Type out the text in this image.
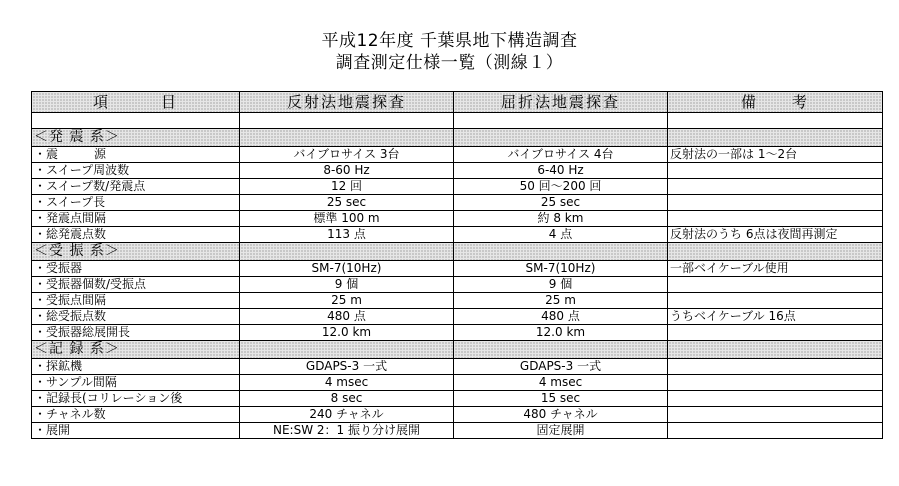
平成12年度 千葉県地下構造調査
調査測定仕様一覧（測線１）
項　　　目	反射法地震探査	屈折法地震探査	備　　考

＜発 震 系＞			
・震　　　源	バイブロサイス 3台	バイブロサイス 4台	反射法の一部は 1～2台
・スイープ周波数	8-60 Hz	6-40 Hz	
・スイープ数/発震点	12 回	50 回～200 回	
・スイープ長	25 sec	25 sec	
・発震点間隔	標準 100 m	約 8 km	
・総発震点数	113 点	4 点	反射法のうち 6点は夜間再測定
＜受 振 系＞			
・受振器	SM-7(10Hz)	SM-7(10Hz)	一部ベイケーブル使用
・受振器個数/受振点	9 個	9 個	
・受振点間隔	25 m	25 m	
・総受振点数	480 点	480 点	うちベイケーブル 16点
・受振器総展開長	12.0 km	12.0 km	
＜記 録 系＞			
・探鉱機	GDAPS-3 一式	GDAPS-3 一式	
・サンプル間隔	4 msec	4 msec	
・記録長(コリレーション後	8 sec	15 sec	
・チャネル数	240 チャネル	480 チャネル	
・展開	NE:SW 2：1 振り分け展開	固定展開	
